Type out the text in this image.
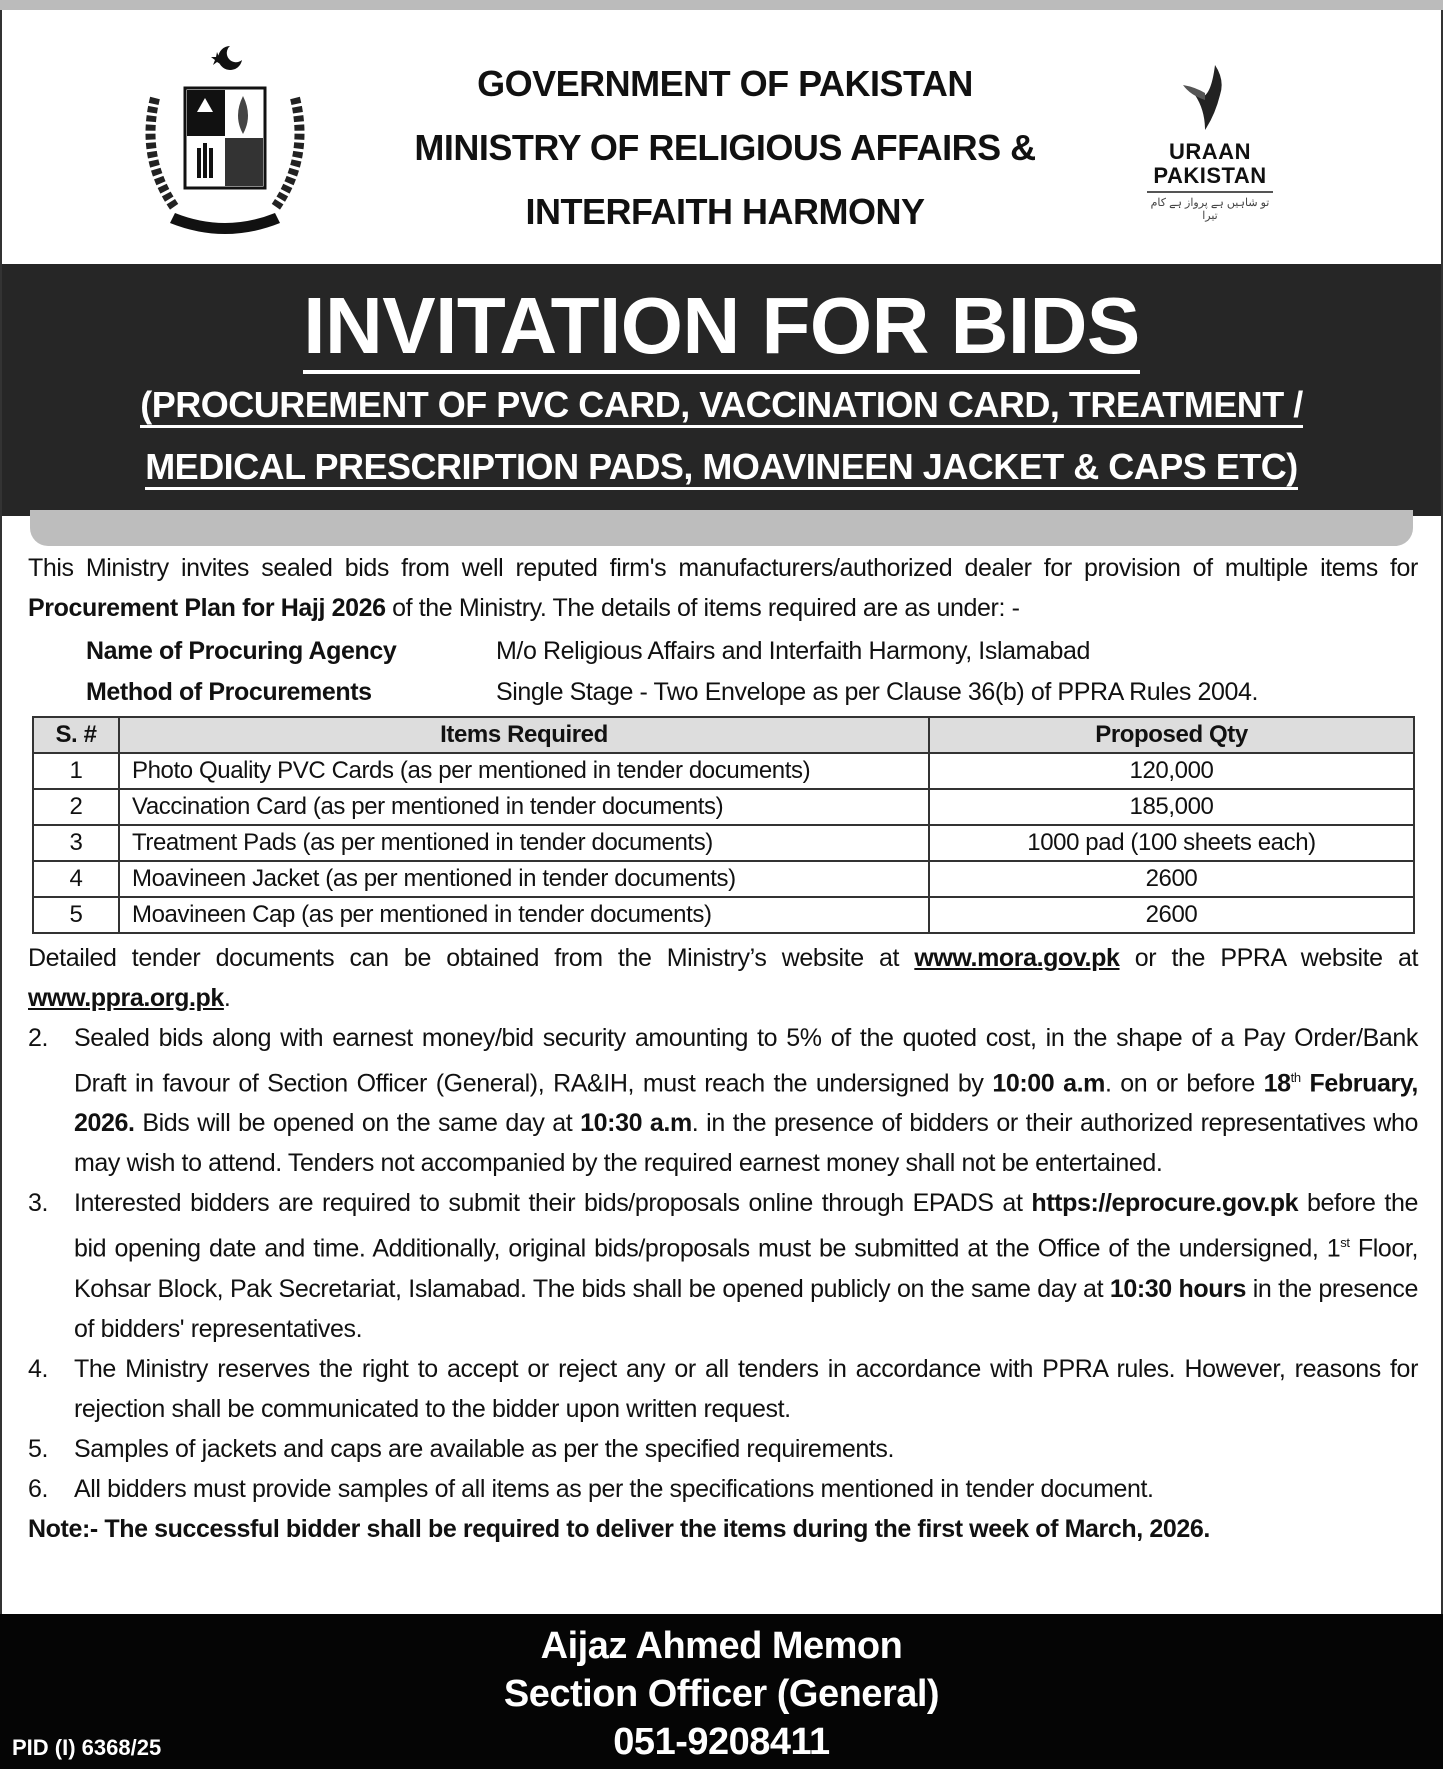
GOVERNMENT OF PAKISTAN
MINISTRY OF RELIGIOUS AFFAIRS &
INTERFAITH HARMONY
URAAN
PAKISTAN
تو شاہیں ہے پرواز ہے کام تیرا
INVITATION FOR BIDS
(PROCUREMENT OF PVC CARD, VACCINATION CARD, TREATMENT /
MEDICAL PRESCRIPTION PADS, MOAVINEEN JACKET & CAPS ETC)

This Ministry invites sealed bids from well reputed firm's manufacturers/authorized dealer for provision of multiple items for Procurement Plan for Hajj 2026 of the Ministry. The details of items required are as under: -

Name of Procuring Agency	M/o Religious Affairs and Interfaith Harmony, Islamabad
Method of Procurements	Single Stage - Two Envelope as per Clause 36(b) of PPRA Rules 2004.
S. #	Items Required	Proposed Qty
1	Photo Quality PVC Cards (as per mentioned in tender documents)	120,000
2	Vaccination Card (as per mentioned in tender documents)	185,000
3	Treatment Pads (as per mentioned in tender documents)	1000 pad (100 sheets each)
4	Moavineen Jacket (as per mentioned in tender documents)	2600
5	Moavineen Cap (as per mentioned in tender documents)	2600

Detailed tender documents can be obtained from the Ministry’s website at www.mora.gov.pk or the PPRA website at www.ppra.org.pk.

2.	Sealed bids along with earnest money/bid security amounting to 5% of the quoted cost, in the shape of a Pay Order/Bank Draft in favour of Section Officer (General), RA&IH, must reach the undersigned by 10:00 a.m. on or before 18th February, 2026. Bids will be opened on the same day at 10:30 a.m. in the presence of bidders or their authorized representatives who may wish to attend. Tenders not accompanied by the required earnest money shall not be entertained.
3.	Interested bidders are required to submit their bids/proposals online through EPADS at https://eprocure.gov.pk before the bid opening date and time. Additionally, original bids/proposals must be submitted at the Office of the undersigned, 1st Floor, Kohsar Block, Pak Secretariat, Islamabad. The bids shall be opened publicly on the same day at 10:30 hours in the presence of bidders' representatives.
4.	The Ministry reserves the right to accept or reject any or all tenders in accordance with PPRA rules. However, reasons for rejection shall be communicated to the bidder upon written request.
5.	Samples of jackets and caps are available as per the specified requirements.
6.	All bidders must provide samples of all items as per the specifications mentioned in tender document.

Note:- The successful bidder shall be required to deliver the items during the first week of March, 2026.

Aijaz Ahmed Memon
Section Officer (General)
051-9208411
PID (I) 6368/25
